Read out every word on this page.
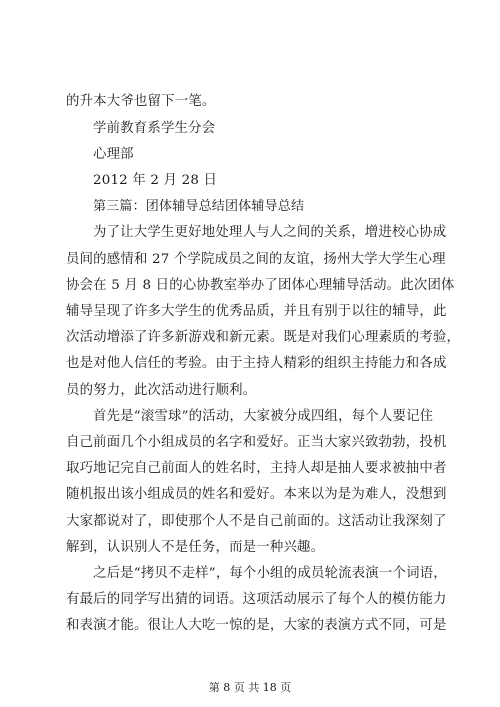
的升本大爷也留下一笔。
学前教育系学生分会
心理部
2012 年 2 月 28 日
第三篇：团体辅导总结团体辅导总结
为了让大学生更好地处理人与人之间的关系，增进校心协成
员间的感情和 27 个学院成员之间的友谊，扬州大学大学生心理
协会在 5 月 8 日的心协教室举办了团体心理辅导活动。此次团体
辅导呈现了许多大学生的优秀品质，并且有别于以往的辅导，此
次活动增添了许多新游戏和新元素。既是对我们心理素质的考验，
也是对他人信任的考验。由于主持人精彩的组织主持能力和各成
员的努力，此次活动进行顺利。
首先是“滚雪球”的活动，大家被分成四组，每个人要记住
自己前面几个小组成员的名字和爱好。正当大家兴致勃勃，投机
取巧地记完自己前面人的姓名时，主持人却是抽人要求被抽中者
随机报出该小组成员的姓名和爱好。本来以为是为难人，没想到
大家都说对了，即使那个人不是自己前面的。这活动让我深刻了
解到，认识别人不是任务，而是一种兴趣。
之后是“拷贝不走样”，每个小组的成员轮流表演一个词语，
有最后的同学写出猜的词语。这项活动展示了每个人的模仿能力
和表演才能。很让人大吃一惊的是，大家的表演方式不同，可是
第 8 页 共 18 页
